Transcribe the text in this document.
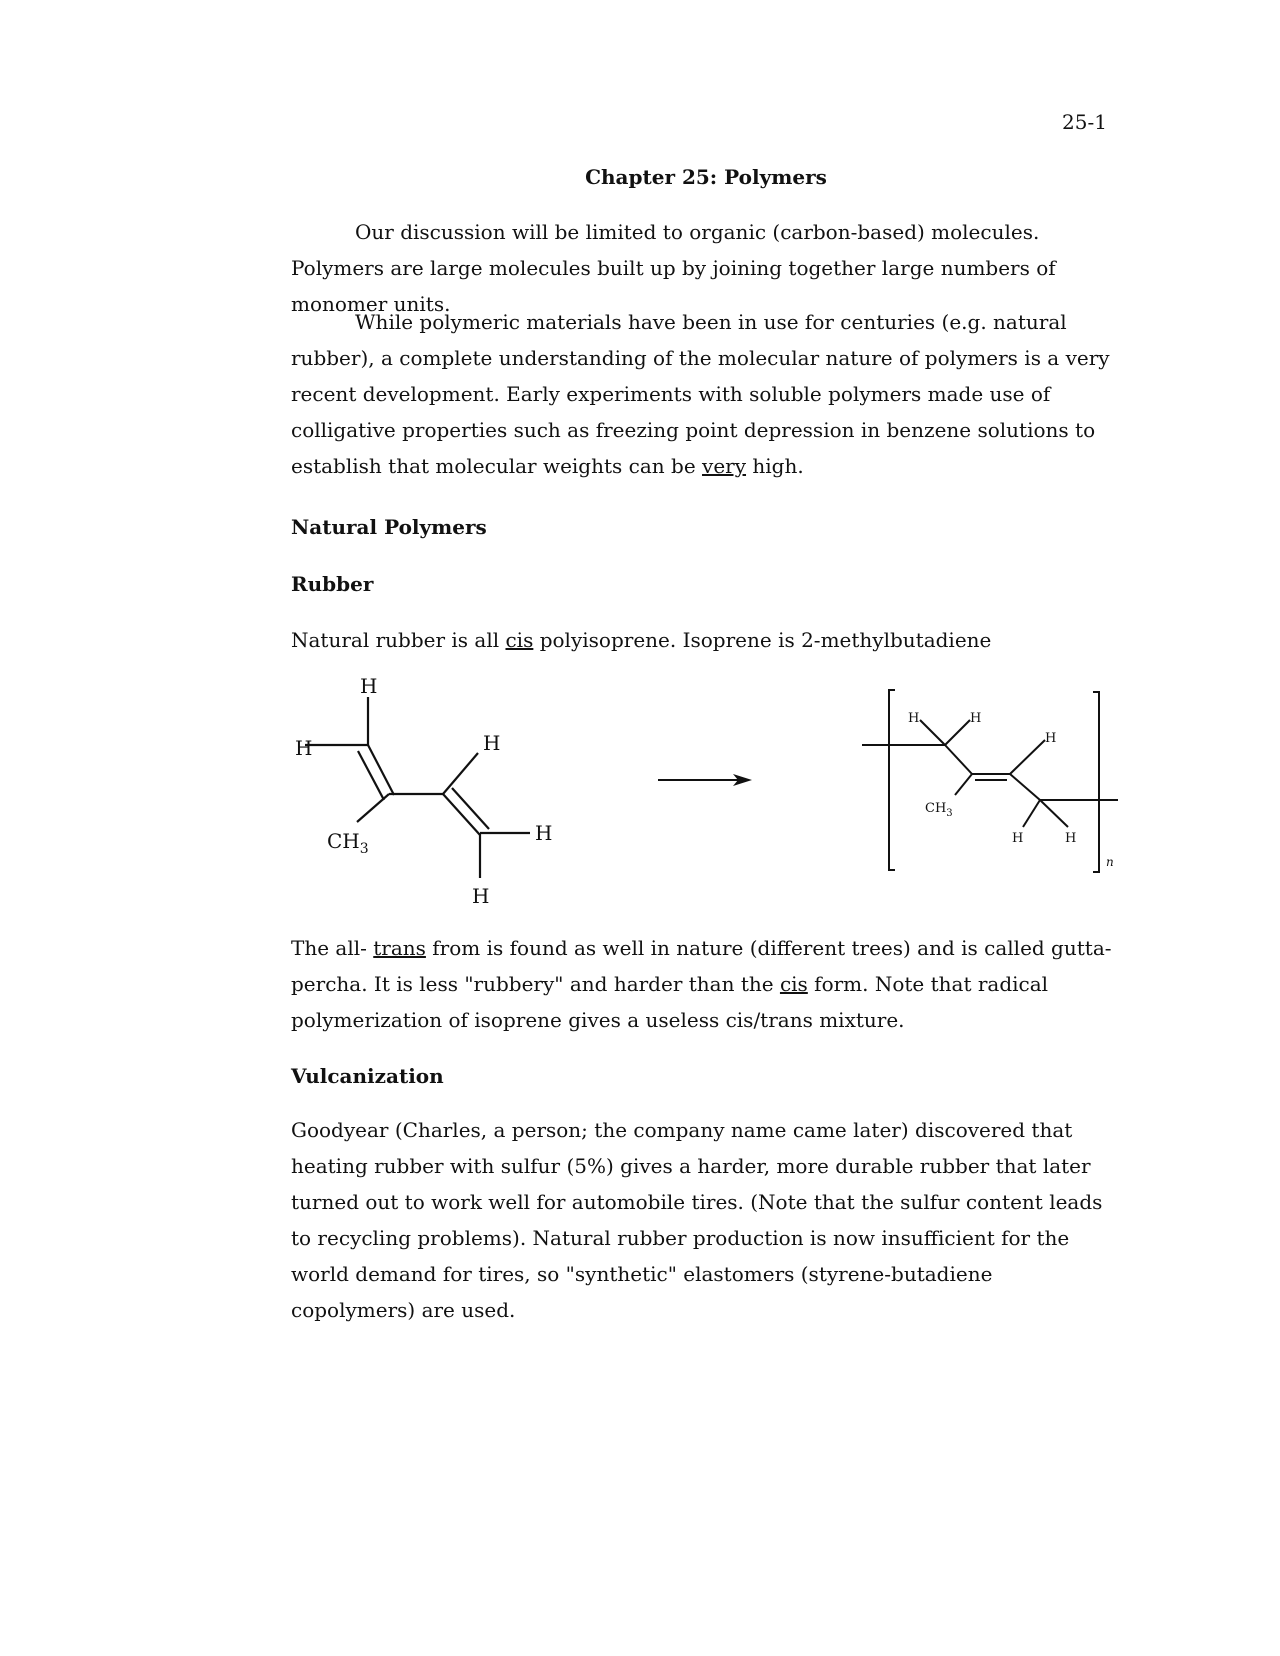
25-1
Chapter 25: Polymers

Our discussion will be limited to organic (carbon-based) molecules. Polymers are large molecules built up by joining together large numbers of monomer units.

While polymeric materials have been in use for centuries (e.g. natural rubber), a complete understanding of the molecular nature of polymers is a very recent development. Early experiments with soluble polymers made use of colligative properties such as freezing point depression in benzene solutions to establish that molecular weights can be very high.

Natural Polymers
Rubber

Natural rubber is all cis polyisoprene. Isoprene is 2-methylbutadiene

H
H
$CH_3$
H
H
H
H	H
H
$CH_3$
H	H
n

The all- trans from is found as well in nature (different trees) and is called gutta-percha. It is less "rubbery" and harder than the cis form. Note that radical polymerization of isoprene gives a useless cis/trans mixture.

Vulcanization

Goodyear (Charles, a person; the company name came later) discovered that heating rubber with sulfur (5%) gives a harder, more durable rubber that later turned out to work well for automobile tires. (Note that the sulfur content leads to recycling problems). Natural rubber production is now insufficient for the world demand for tires, so "synthetic" elastomers (styrene-butadiene copolymers) are used.
